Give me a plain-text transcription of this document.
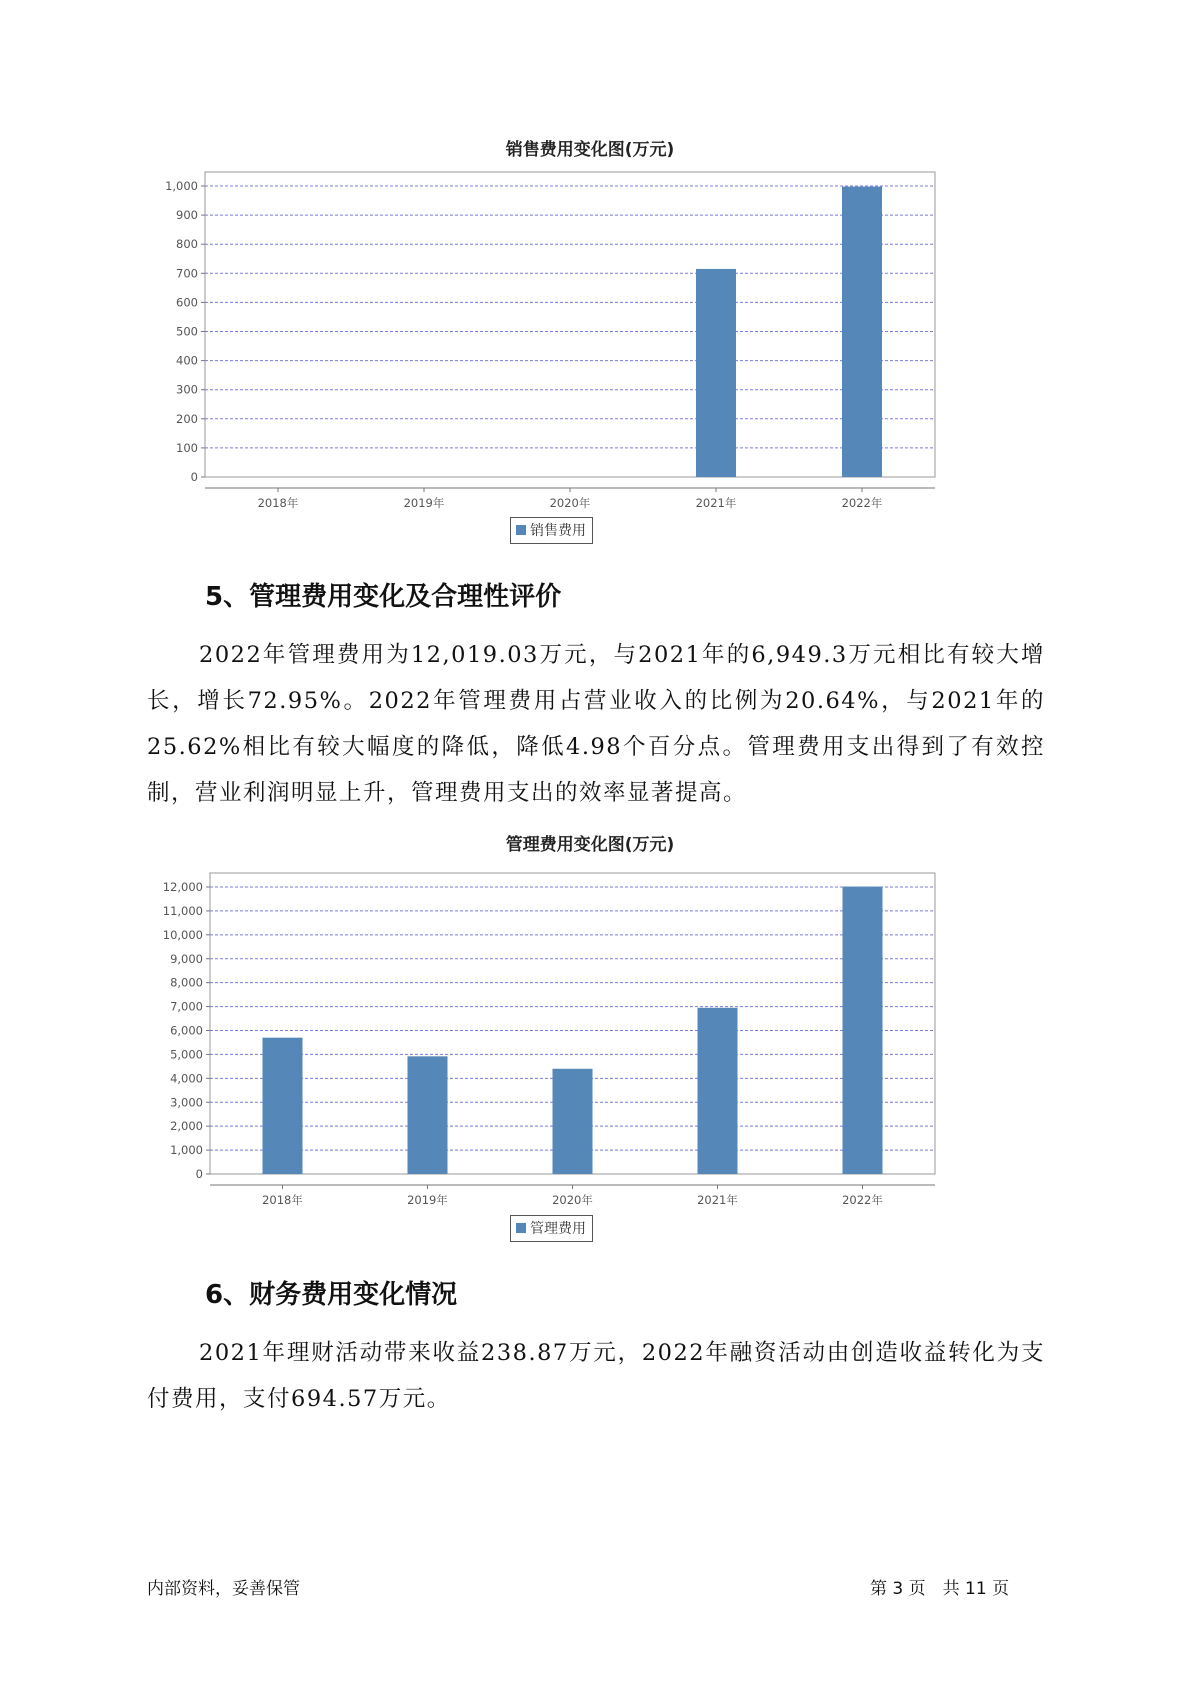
销售费用变化图(万元)
0
100
200
300
400
500
600
700
800
900
1,000
2018年	2019年	2020年	2021年	2022年
销售费用
5、管理费用变化及合理性评价

2022年管理费用为12,019.03万元，与2021年的6,949.3万元相比有较大增长，增长72.95%。2022年管理费用占营业收入的比例为20.64%，与2021年的25.62%相比有较大幅度的降低，降低4.98个百分点。管理费用支出得到了有效控制，营业利润明显上升，管理费用支出的效率显著提高。

管理费用变化图(万元)
0
1,000
2,000
3,000
4,000
5,000
6,000
7,000
8,000
9,000
10,000
11,000
12,000
2018年	2019年	2020年	2021年	2022年
管理费用
6、财务费用变化情况

2021年理财活动带来收益238.87万元，2022年融资活动由创造收益转化为支付费用，支付694.57万元。

内部资料，妥善保管	第 3 页　共 11 页
